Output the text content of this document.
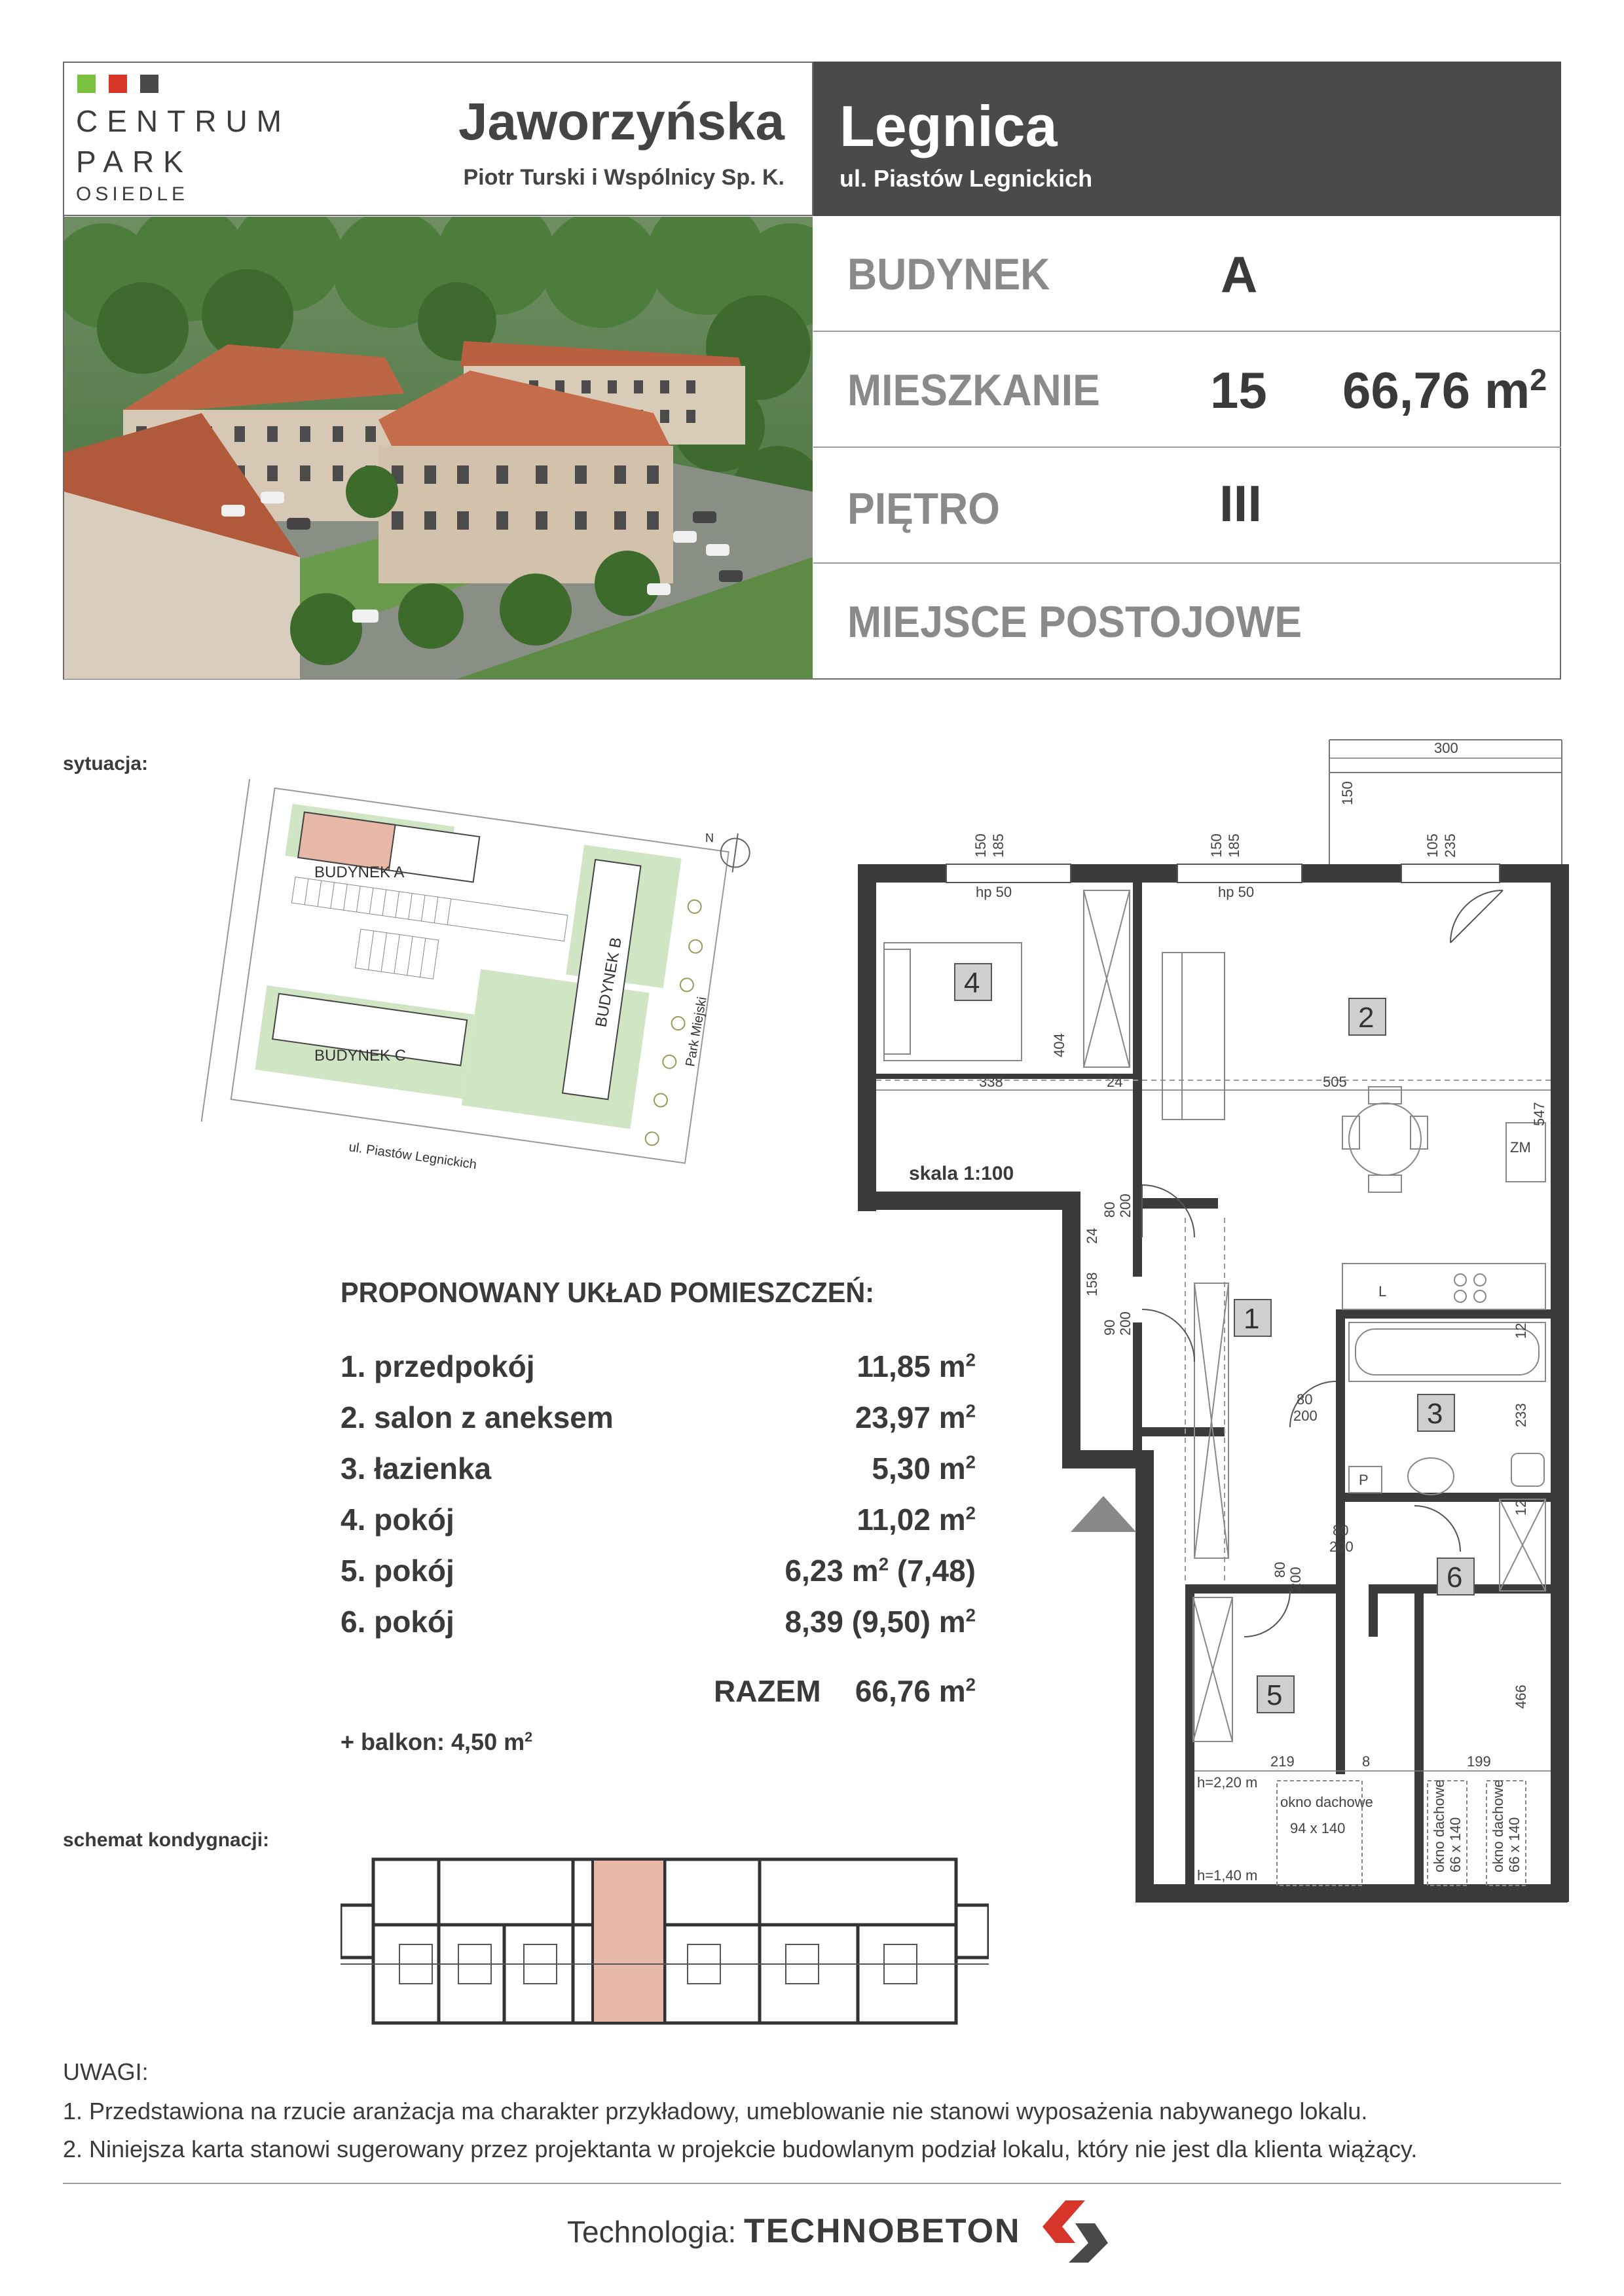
CENTRUM
PARK
OSIEDLE
Jaworzyńska
Piotr Turski i Wspólnicy Sp. K.
Legnica
ul. Piastów Legnickich
BUDYNEK	A
MIESZKANIE 15 66,76 $m^2$
PIĘTRO	III
MIEJSCE POSTOJOWE
sytuacja:
BUDYNEK A
BUDYNEK C
BUDYNEK B
Park Miejski
ul. Piastów Legnickich
N
PROPONOWANY UKŁAD POMIESZCZEŃ:
1. przedpokój	11,85 $m^2$
2. salon z aneksem	23,97 $m^2$
3. łazienka	5,30 $m^2$
4. pokój	11,02 $m^2$
5. pokój	6,23 $m^2$ (7,48)
6. pokój	8,39 (9,50) $m^2$
RAZEM	66,76 $m^2$
+ balkon: 4,50 $m^2$
skala 1:100
4
2
1
3
5
6
300
150
150 185	150 185	105 235
hp 50	hp 50
338	24	505
404
547
ZM
24
80 200
158
90 200	12
80
200	233
P
12
80
200
80 200
466
219	8	199
h=2,20 m
h=1,40 m
okno dachowe
94 x 140	okno dachowe 66 x 140 okno dachowe 66 x 140
L
schemat kondygnacji:
UWAGI:
1. Przedstawiona na rzucie aranżacja ma charakter przykładowy, umeblowanie nie stanowi wyposażenia nabywanego lokalu.
2. Niniejsza karta stanowi sugerowany przez projektanta w projekcie budowlanym podział lokalu, który nie jest dla klienta wiążący.
Technologia: TECHNOBETON
